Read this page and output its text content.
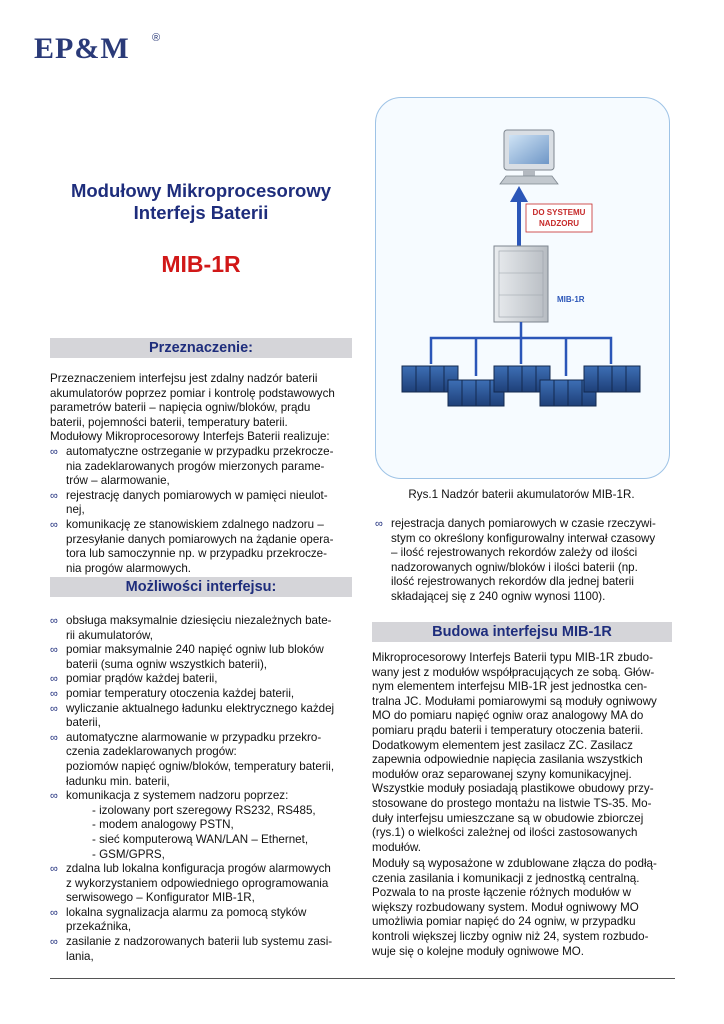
EP&M ®
Modułowy Mikroprocesorowy
Interfejs Baterii
MIB-1R
Przeznaczenie:
Przeznaczeniem interfejsu jest zdalny nadzór baterii
akumulatorów poprzez pomiar i kontrolę podstawowych
parametrów baterii – napięcia ogniw/bloków, prądu
baterii, pojemności baterii, temperatury baterii.
Modułowy Mikroprocesorowy Interfejs Baterii realizuje:
∞ automatyczne ostrzeganie w przypadku przekrocze-
nia zadeklarowanych progów mierzonych parame-
trów – alarmowanie,
∞ rejestrację danych pomiarowych w pamięci nieulot-
nej,
∞ komunikację ze stanowiskiem zdalnego nadzoru –
przesyłanie danych pomiarowych na żądanie opera-
tora lub samoczynnie np. w przypadku przekrocze-
nia progów alarmowych.
Możliwości interfejsu:
∞ obsługa maksymalnie dziesięciu niezależnych bate-
rii akumulatorów,
∞ pomiar maksymalnie 240 napięć ogniw lub bloków
baterii (suma ogniw wszystkich baterii),
∞ pomiar prądów każdej baterii,
∞ pomiar temperatury otoczenia każdej baterii,
∞ wyliczanie aktualnego ładunku elektrycznego każdej
baterii,
∞ automatyczne alarmowanie w przypadku przekro-
czenia zadeklarowanych progów:
poziomów napięć ogniw/bloków, temperatury baterii,
ładunku min. baterii,
∞ komunikacja z systemem nadzoru poprzez:
- izolowany port szeregowy RS232, RS485,
- modem analogowy PSTN,
- sieć komputerową WAN/LAN – Ethernet,
- GSM/GPRS,
∞ zdalna lub lokalna konfiguracja progów alarmowych
z wykorzystaniem odpowiedniego oprogramowania
serwisowego – Konfigurator MIB-1R,
∞ lokalna sygnalizacja alarmu za pomocą styków
przekaźnika,
∞ zasilanie z nadzorowanych baterii lub systemu zasi-
lania,
DO SYSTEMU
NADZORU
MIB-1R
Rys.1 Nadzór baterii akumulatorów MIB-1R.
∞ rejestracja danych pomiarowych w czasie rzeczywi-
stym co określony konfigurowalny interwał czasowy
– ilość rejestrowanych rekordów zależy od ilości
nadzorowanych ogniw/bloków i ilości baterii (np.
ilość rejestrowanych rekordów dla jednej baterii
składającej się z 240 ogniw wynosi 1100).
Budowa interfejsu MIB-1R
Mikroprocesorowy Interfejs Baterii typu MIB-1R zbudo-
wany jest z modułów współpracujących ze sobą. Głów-
nym elementem interfejsu MIB-1R jest jednostka cen-
tralna JC. Modułami pomiarowymi są moduły ogniwowy
MO do pomiaru napięć ogniw oraz analogowy MA do
pomiaru prądu baterii i temperatury otoczenia baterii.
Dodatkowym elementem jest zasilacz ZC. Zasilacz
zapewnia odpowiednie napięcia zasilania wszystkich
modułów oraz separowanej szyny komunikacyjnej.
Wszystkie moduły posiadają plastikowe obudowy przy-
stosowane do prostego montażu na listwie TS-35. Mo-
duły interfejsu umieszczane są w obudowie zbiorczej
(rys.1) o wielkości zależnej od ilości zastosowanych
modułów.
Moduły są wyposażone w zdublowane złącza do podłą-
czenia zasilania i komunikacji z jednostką centralną.
Pozwala to na proste łączenie różnych modułów w
większy rozbudowany system. Moduł ogniwowy MO
umożliwia pomiar napięć do 24 ogniw, w przypadku
kontroli większej liczby ogniw niż 24, system rozbudo-
wuje się o kolejne moduły ogniwowe MO.
